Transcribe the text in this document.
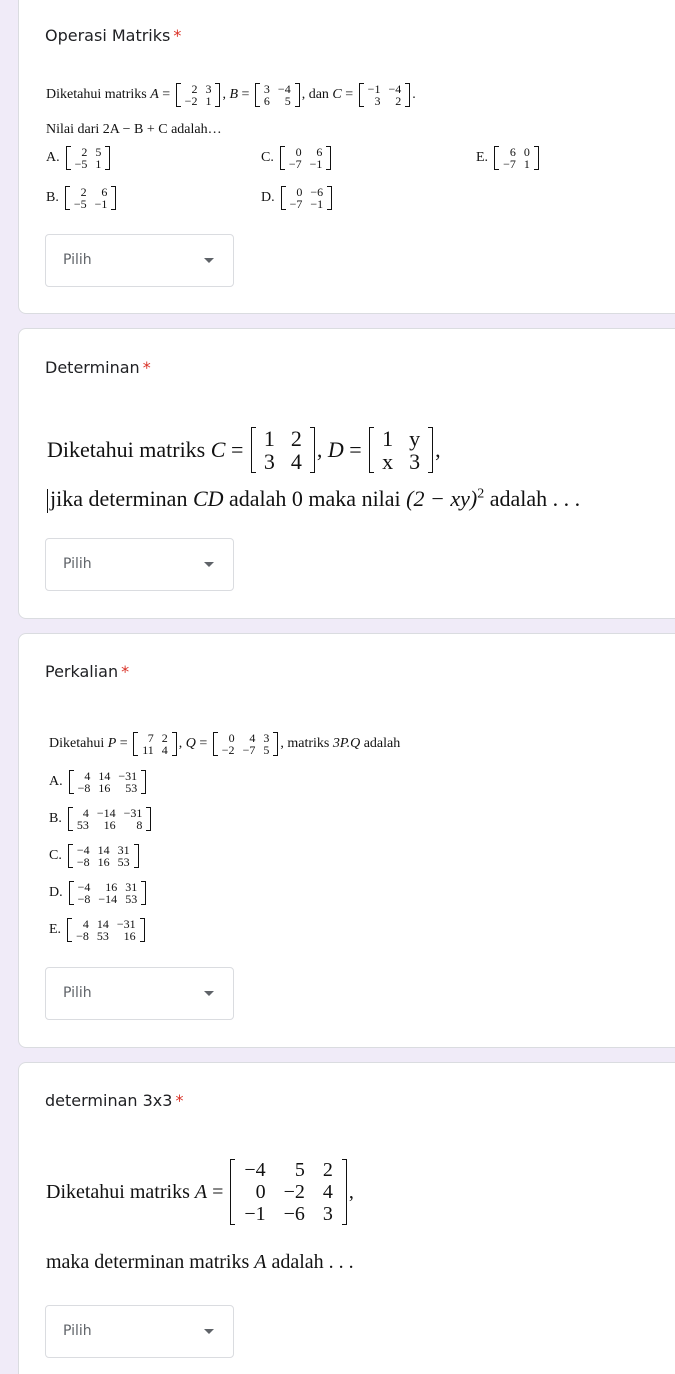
Operasi Matriks *
Diketahui matriks
A = 2	3
−2	1 , B = 3	−4
6	5 , dan
C = −1	−4
3	2 .
Nilai dari 2A − B + C adalah…
A. 2	5
−5	1
B. 2	6
−5	−1
C. 0	6
−7	−1
D. 0	−6
−7	−1
E. 6	0
−7	1
Pilih
Determinan *
Diketahui matriks
C = 1	2
3	4 , D = 1	y
x	3 ,
jika determinan CD adalah 0 maka nilai (2 − xy)$^2$ adalah . . .
Pilih
Perkalian *
Diketahui
P = 7	2
11	4 , Q = 0	4	3
−2	−7	5 , matriks
3P.Q
adalah
A. 4	14	−31
−8	16	53
B. 4	−14	−31
53	16	8
C. −4	14	31
−8	16	53
D. −4	16	31
−8	−14	53
E. 4	14	−31
−8	53	16
Pilih
determinan 3x3 *
Diketahui matriks
A =
−4	5	2
0	−2	4
−1	−6	3
,
maka determinan matriks A adalah . . .
Pilih
